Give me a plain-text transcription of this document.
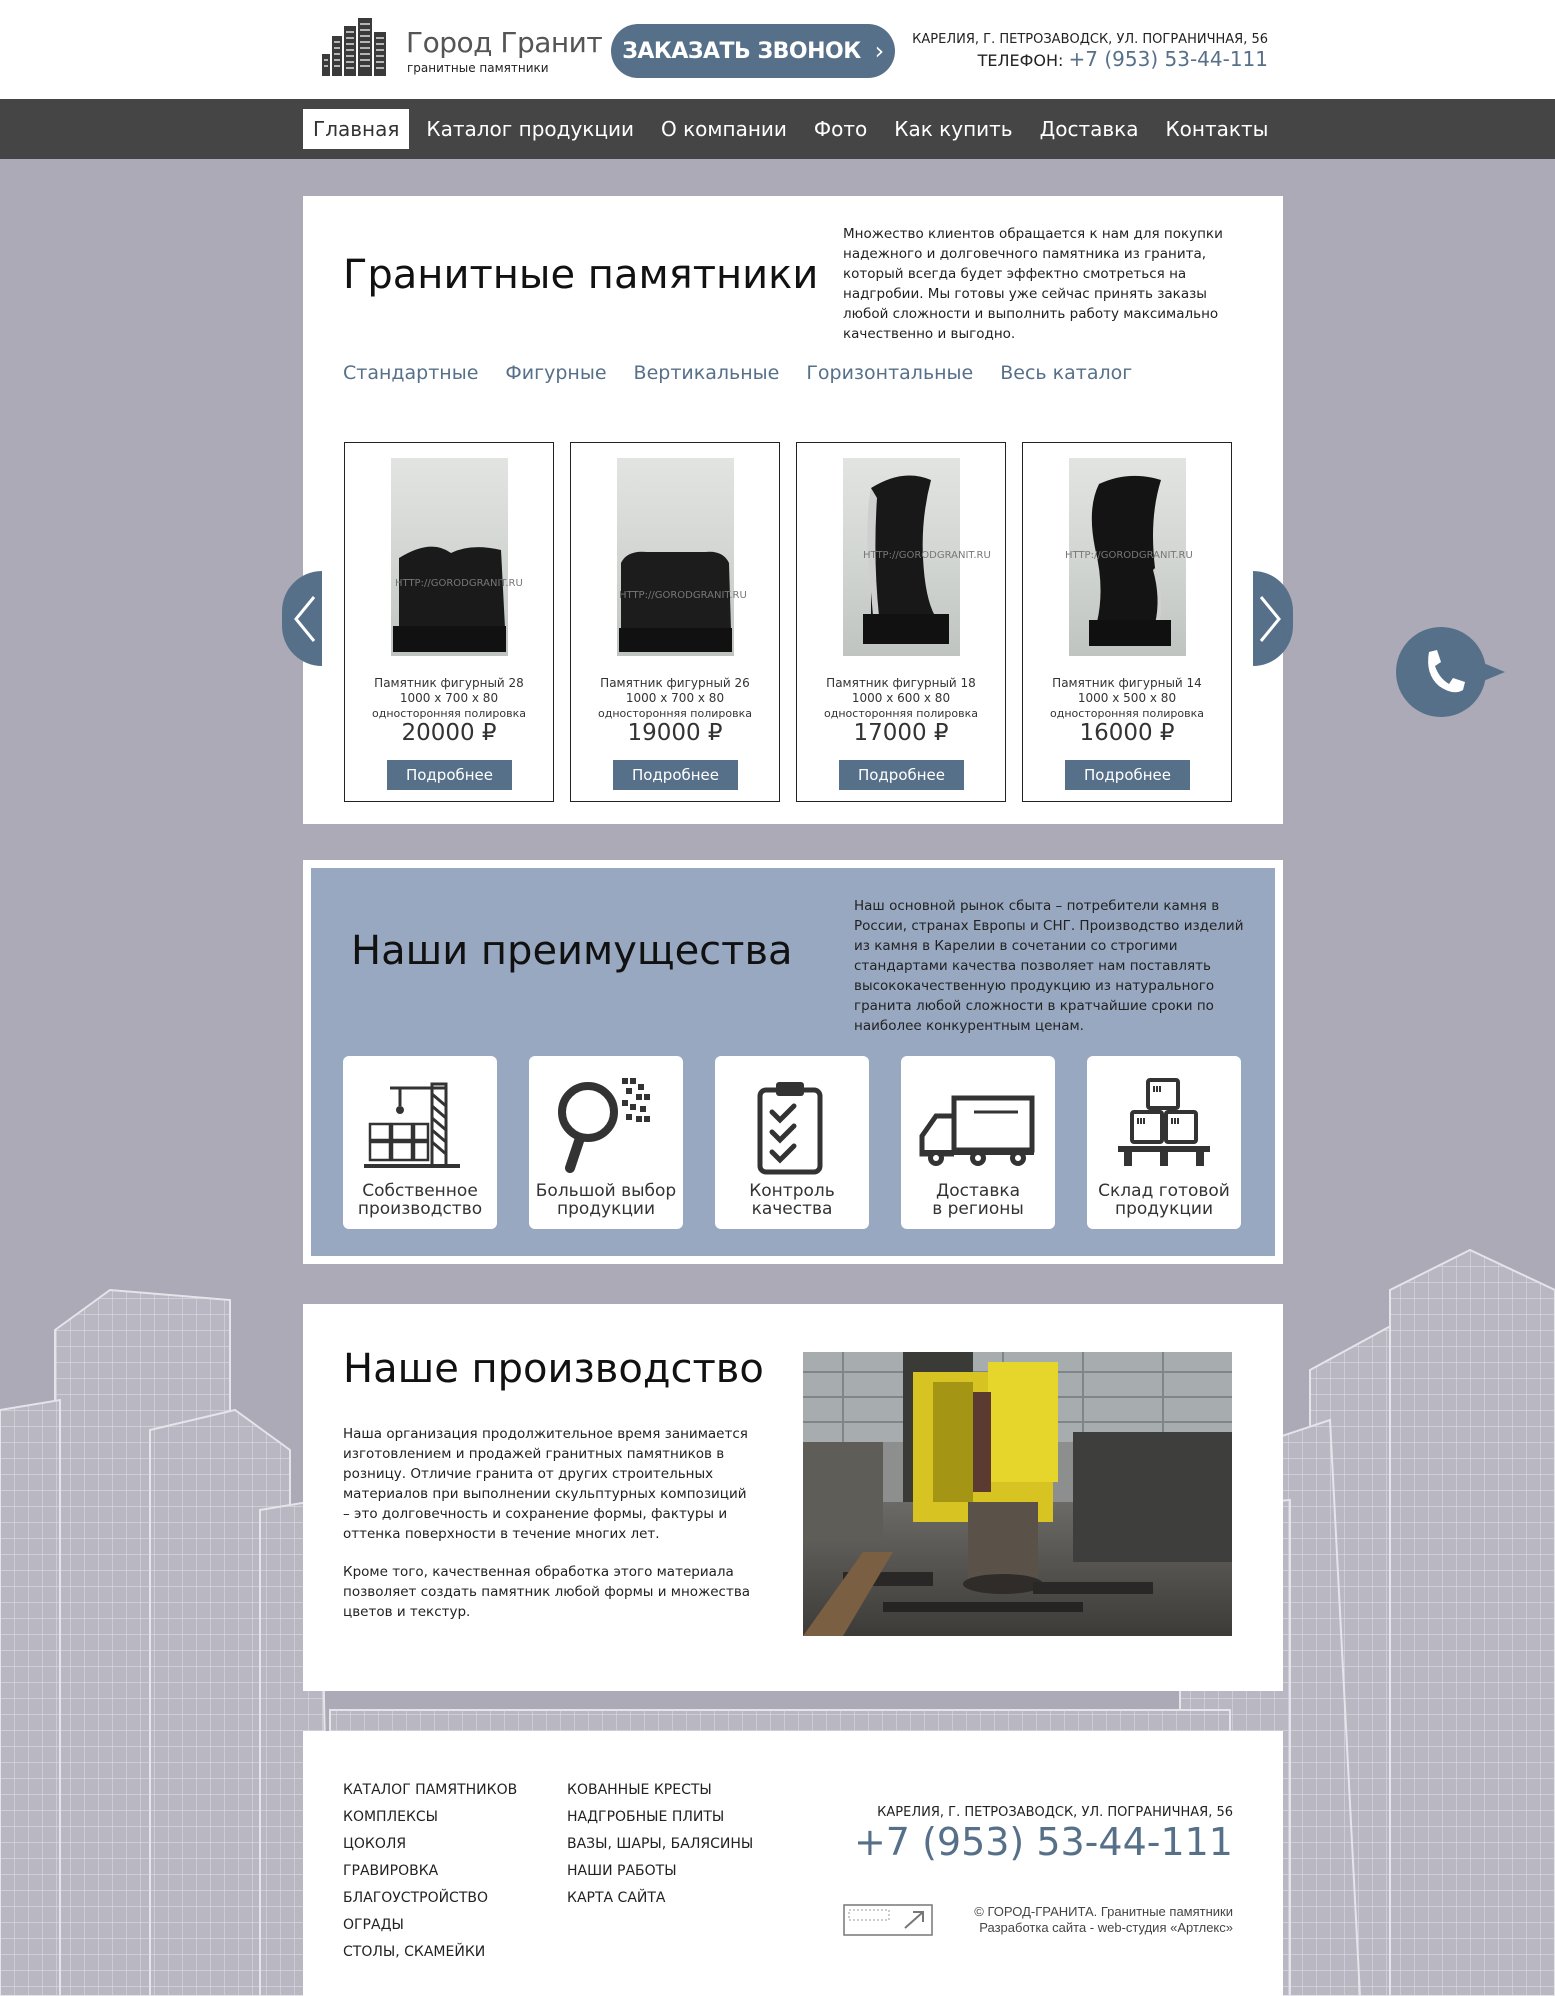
Город Гранит
гранитные памятники
ЗАКАЗАТЬ ЗВОНОК › КАРЕЛИЯ, Г. ПЕТРОЗАВОДСК, УЛ. ПОГРАНИЧНАЯ, 56
ТЕЛЕФОН: +7 (953) 53-44-111
Главная	Каталог продукции	О компании	Фото	Как купить	Доставка	Контакты
Гранитные памятники
Множество клиентов обращается к нам для покупки надежного и долговечного памятника из гранита, который всегда будет эффектно смотреться на надгробии. Мы готовы уже сейчас принять заказы любой сложности и выполнить работу максимально качественно и выгодно.
Стандартные Фигурные Вертикальные Горизонтальные Весь каталог
HTTP://GORODGRANIT.RU
Памятник фигурный 28
1000 x 700 x 80
односторонняя полировка
20000 ₽
Подробнее
HTTP://GORODGRANIT.RU
Памятник фигурный 26
1000 x 700 x 80
односторонняя полировка
19000 ₽
Подробнее
HTTP://GORODGRANIT.RU
Памятник фигурный 18
1000 x 600 x 80
односторонняя полировка
17000 ₽
Подробнее
HTTP://GORODGRANIT.RU
Памятник фигурный 14
1000 x 500 x 80
односторонняя полировка
16000 ₽
Подробнее
Наши преимущества
Наш основной рынок сбыта – потребители камня в России, странах Европы и СНГ. Производство изделий из камня в Карелии в сочетании со строгими стандартами качества позволяет нам поставлять высококачественную продукцию из натурального гранита любой сложности в кратчайшие сроки по наиболее конкурентным ценам.
Собственное
производство
Большой выбор
продукции
Контроль
качества
Доставка
в регионы
Склад готовой
продукции
Наше производство
Наша организация продолжительное время занимается изготовлением и продажей гранитных памятников в розницу. Отличие гранита от других строительных материалов при выполнении скульптурных композиций – это долговечность и сохранение формы, фактуры и оттенка поверхности в течение многих лет.
Кроме того, качественная обработка этого материала позволяет создать памятник любой формы и множества цветов и текстур.
КАТАЛОГ ПАМЯТНИКОВ
КОМПЛЕКСЫ
ЦОКОЛЯ
ГРАВИРОВКА
БЛАГОУСТРОЙСТВО
ОГРАДЫ
СТОЛЫ, СКАМЕЙКИ
КОВАННЫЕ КРЕСТЫ
НАДГРОБНЫЕ ПЛИТЫ
ВАЗЫ, ШАРЫ, БАЛЯСИНЫ
НАШИ РАБОТЫ
КАРТА САЙТА
КАРЕЛИЯ, Г. ПЕТРОЗАВОДСК, УЛ. ПОГРАНИЧНАЯ, 56
+7 (953) 53-44-111
© ГОРОД-ГРАНИТА. Гранитные памятники
Разработка сайта - web-студия «Артлекс»
